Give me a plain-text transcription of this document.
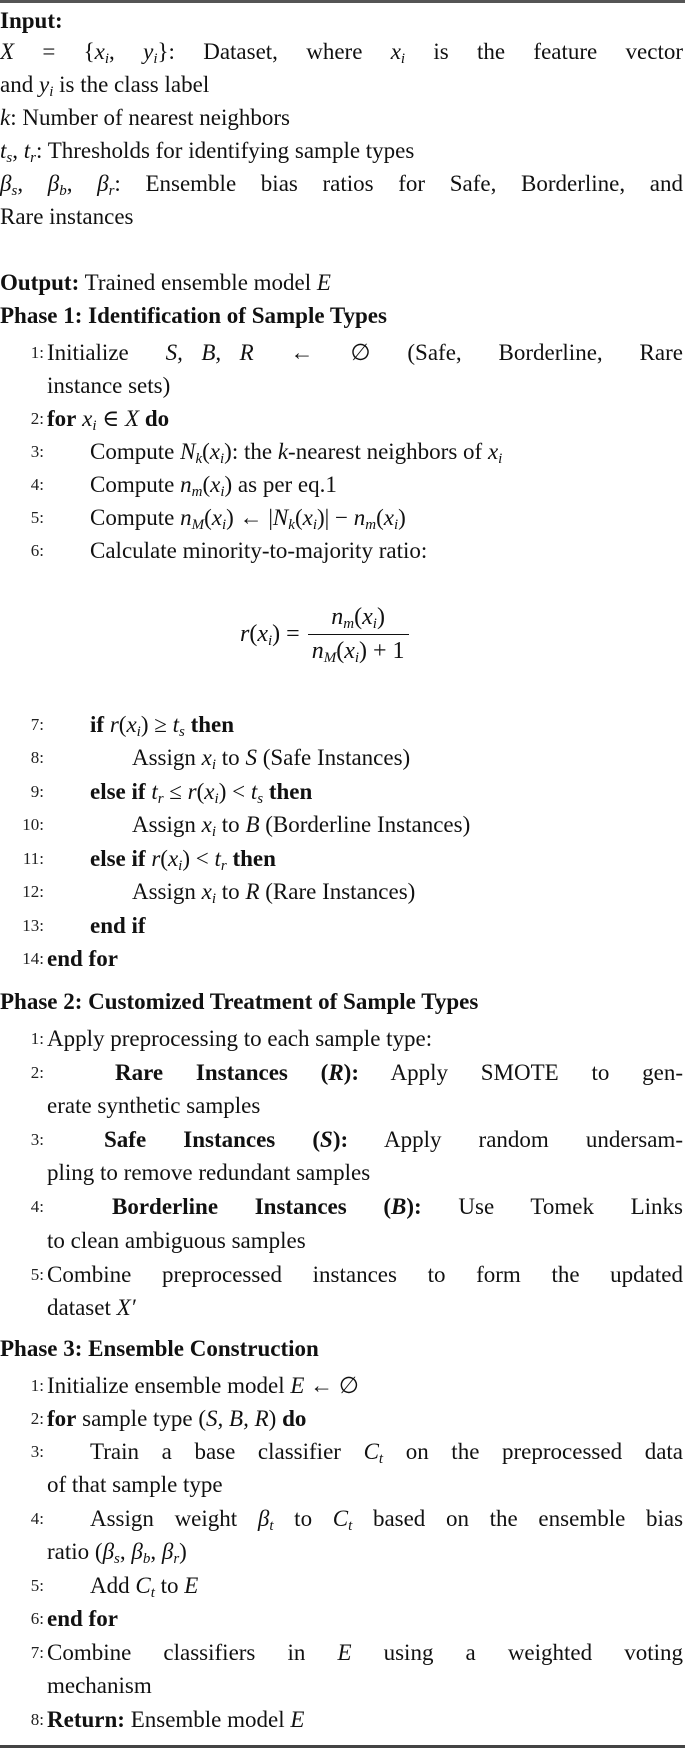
Input:
$X = \{x_i$, $y_i$}: Dataset, where $x_i$ is the feature vector
and $y_i$ is the class label
k: Number of nearest neighbors
$t_s$, $t_r$: Thresholds for identifying sample types
$\beta_s$, $\beta_b$, $\beta_r$: Ensemble bias ratios for Safe, Borderline, and
Rare instances
Output: Trained ensemble model E
Phase 1: Identification of Sample Types
1: Initialize  S, B, R  ←  ∅  (Safe,  Borderline,  Rare
instance sets)
2: for $x_i$ ∈ X do
3: Compute $N_k(x_i)$: the k-nearest neighbors of $x_i$
4: Compute $n_m(x_i)$ as per eq.1
5: Compute $n_M(x_i)$ ← $|N_k(x_i)| - n_m(x_i)$
6: Calculate minority-to-majority ratio:
$r(x_i) = \frac{n_m(x_i)}{n_M(x_i) + 1}$
7: if $r(x_i) \ge t_s$ then
8:	Assign $x_i$ to S (Safe Instances)
9: else if $t_r \le r(x_i) < t_s$ then
10:	Assign $x_i$ to B (Borderline Instances)
11: else if $r(x_i) < t_r$ then
12:	Assign $x_i$ to R (Rare Instances)
13: end if
14: end for
Phase 2: Customized Treatment of Sample Types
1: Apply preprocessing to each sample type:
2:	Rare Instances (R): Apply SMOTE to gen-
erate synthetic samples
3:	Safe Instances (S): Apply random undersam-
pling to remove redundant samples
4:	Borderline Instances (B): Use Tomek Links
to clean ambiguous samples
5: Combine preprocessed instances to form the updated
dataset X′
Phase 3: Ensemble Construction
1: Initialize ensemble model E ← ∅
2: for sample type (S, B, R) do
3: Train a base classifier $C_t$ on the preprocessed data
of that sample type
4: Assign weight $\beta_t$ to $C_t$ based on the ensemble bias
ratio ($\beta_s$, $\beta_b$, $\beta_r$)
5: Add $C_t$ to E
6: end for
7: Combine classifiers in E using a weighted voting
mechanism
8: Return: Ensemble model E
